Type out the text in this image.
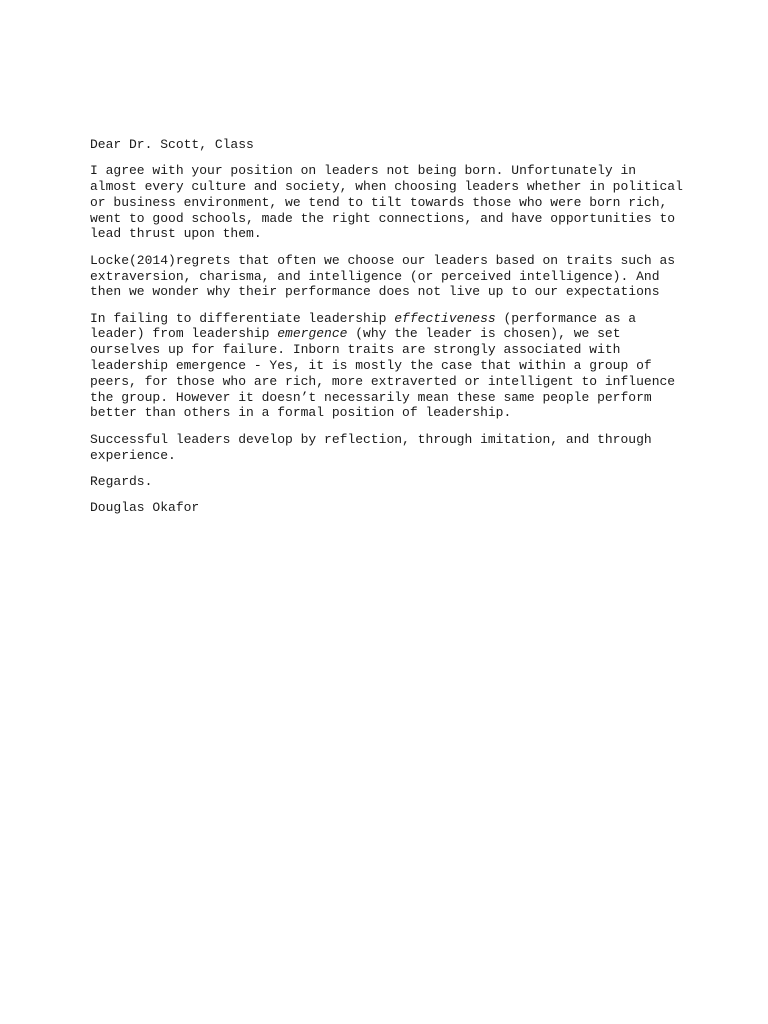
Dear Dr. Scott, Class

I agree with your position on leaders not being born. Unfortunately in almost every culture and society, when choosing leaders whether in political or business environment, we tend to tilt towards those who were born rich, went to good schools, made the right connections, and have opportunities to lead thrust upon them.

Locke(2014)regrets that often we choose our leaders based on traits such as extraversion, charisma, and intelligence (or perceived intelligence). And then we wonder why their performance does not live up to our expectations

In failing to differentiate leadership effectiveness (performance as a leader) from leadership emergence (why the leader is chosen), we set ourselves up for failure. Inborn traits are strongly associated with leadership emergence - Yes, it is mostly the case that within a group of peers, for those who are rich, more extraverted or intelligent to influence the group. However it doesn’t necessarily mean these same people perform better than others in a formal position of leadership.

Successful leaders develop by reflection, through imitation, and through experience.

Regards.

Douglas Okafor
